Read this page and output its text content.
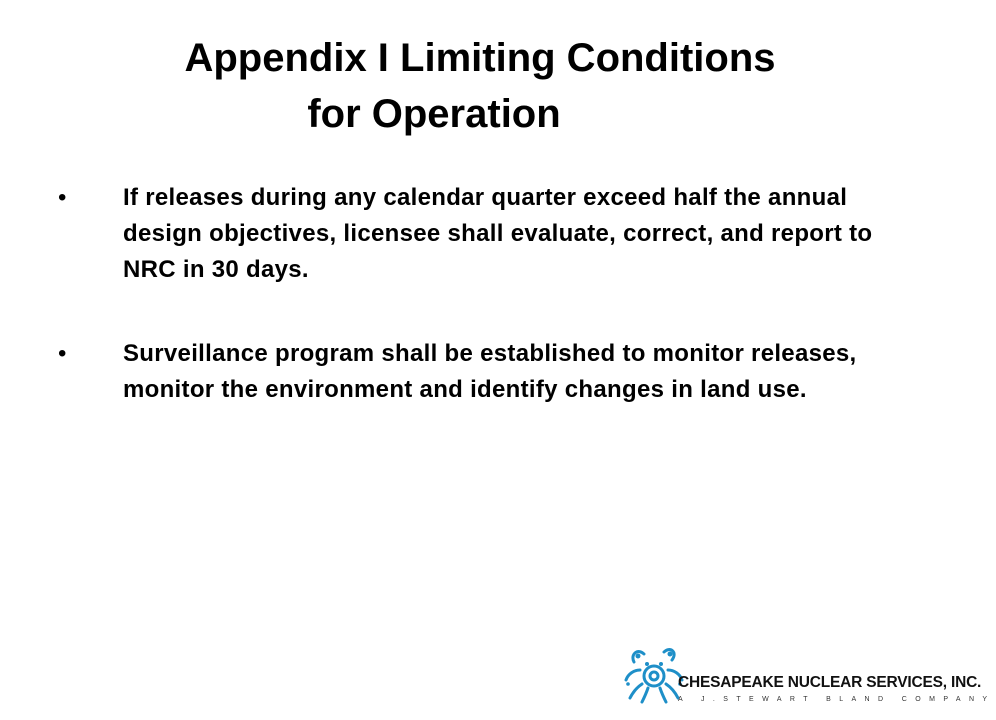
Appendix I Limiting Conditions
for Operation
•	If releases during any calendar quarter exceed half the annual design objectives, licensee shall evaluate, correct, and report to NRC in 30 days.
•	Surveillance program shall be established to monitor releases, monitor the environment and identify changes in land use.
CHESAPEAKE NUCLEAR SERVICES, INC.
A J.STEWART BLAND COMPANY
